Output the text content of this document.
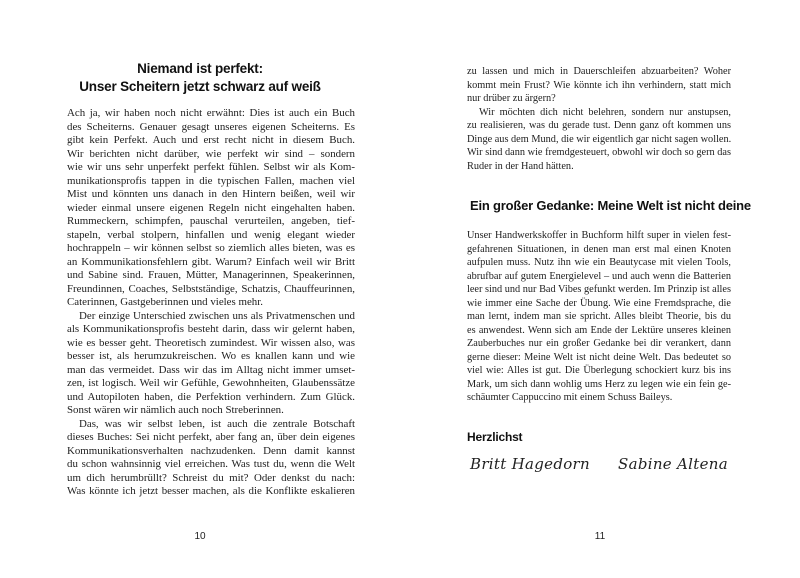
Niemand ist perfekt:
Unser Scheitern jetzt schwarz auf weiß
Ach ja, wir haben noch nicht erwähnt: Dies ist auch ein Buch
des Scheiterns. Genauer gesagt unseres eigenen Scheiterns. Es
gibt kein Perfekt. Auch und erst recht nicht in diesem Buch.
Wir berichten nicht darüber, wie perfekt wir sind – sondern
wie wir uns sehr unperfekt perfekt fühlen. Selbst wir als Kom-
munikationsprofis tappen in die typischen Fallen, machen viel
Mist und könnten uns danach in den Hintern beißen, weil wir
wieder einmal unsere eigenen Regeln nicht eingehalten haben.
Rummeckern, schimpfen, pauschal verurteilen, angeben, tief-
stapeln, verbal stolpern, hinfallen und wenig elegant wieder
hochrappeln – wir können selbst so ziemlich alles bieten, was es
an Kommunikationsfehlern gibt. Warum? Einfach weil wir Britt
und Sabine sind. Frauen, Mütter, Managerinnen, Speakerinnen,
Freundinnen, Coaches, Selbstständige, Schatzis, Chauffeurinnen,
Caterinnen, Gastgeberinnen und vieles mehr.
Der einzige Unterschied zwischen uns als Privatmenschen und
als Kommunikationsprofis besteht darin, dass wir gelernt haben,
wie es besser geht. Theoretisch zumindest. Wir wissen also, was
besser ist, als herumzukreischen. Wo es knallen kann und wie
man das vermeidet. Dass wir das im Alltag nicht immer umset-
zen, ist logisch. Weil wir Gefühle, Gewohnheiten, Glaubenssätze
und Autopiloten haben, die Perfektion verhindern. Zum Glück.
Sonst wären wir nämlich auch noch Streberinnen.
Das, was wir selbst leben, ist auch die zentrale Botschaft
dieses Buches: Sei nicht perfekt, aber fang an, über dein eigenes
Kommunikationsverhalten nachzudenken. Denn damit kannst
du schon wahnsinnig viel erreichen. Was tust du, wenn die Welt
um dich herumbrüllt? Schreist du mit? Oder denkst du nach:
Was könnte ich jetzt besser machen, als die Konflikte eskalieren
10
zu lassen und mich in Dauerschleifen abzuarbeiten? Woher
kommt mein Frust? Wie könnte ich ihn verhindern, statt mich
nur drüber zu ärgern?
Wir möchten dich nicht belehren, sondern nur anstupsen,
zu realisieren, was du gerade tust. Denn ganz oft kommen uns
Dinge aus dem Mund, die wir eigentlich gar nicht sagen wollen.
Wir sind dann wie fremdgesteuert, obwohl wir doch so gern das
Ruder in der Hand hätten.
Ein großer Gedanke: Meine Welt ist nicht deine
Unser Handwerkskoffer in Buchform hilft super in vielen fest-
gefahrenen Situationen, in denen man erst mal einen Knoten
aufpulen muss. Nutz ihn wie ein Beautycase mit vielen Tools,
abrufbar auf gutem Energielevel – und auch wenn die Batterien
leer sind und nur Bad Vibes gefunkt werden. Im Prinzip ist alles
wie immer eine Sache der Übung. Wie eine Fremdsprache, die
man lernt, indem man sie spricht. Alles bleibt Theorie, bis du
es anwendest. Wenn sich am Ende der Lektüre unseres kleinen
Zauberbuches nur ein großer Gedanke bei dir verankert, dann
gerne dieser: Meine Welt ist nicht deine Welt. Das bedeutet so
viel wie: Alles ist gut. Die Überlegung schockiert kurz bis ins
Mark, um sich dann wohlig ums Herz zu legen wie ein fein ge-
schäumter Cappuccino mit einem Schuss Baileys.
Herzlichst
Britt Hagedorn Sabine Altena
11
